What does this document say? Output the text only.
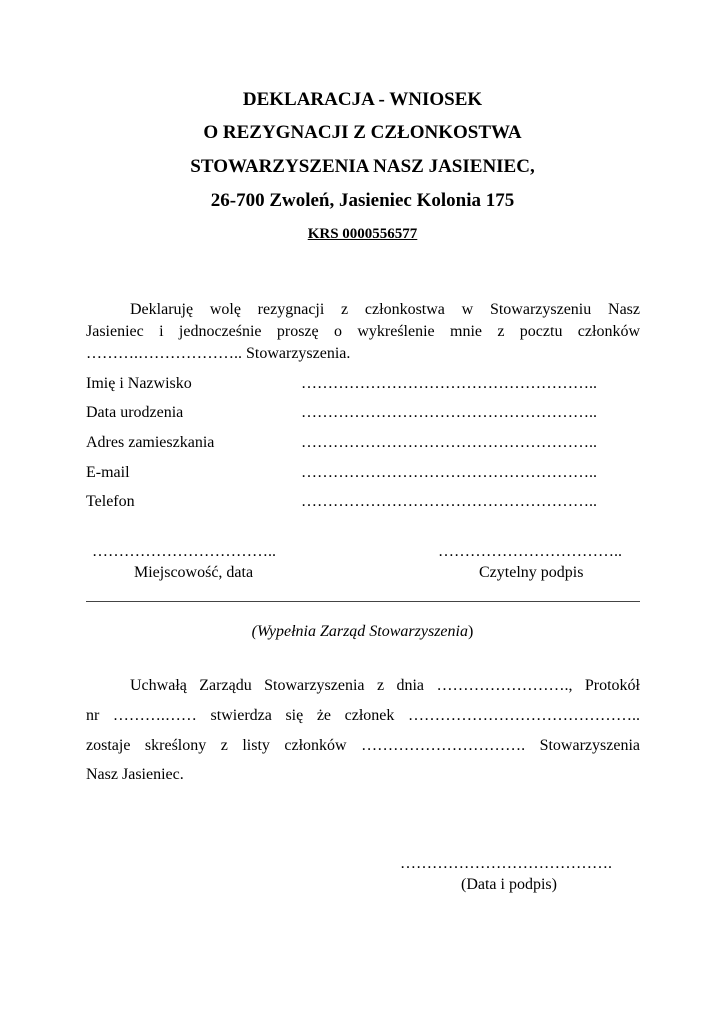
DEKLARACJA - WNIOSEK
O REZYGNACJI Z CZŁONKOSTWA
STOWARZYSZENIA NASZ JASIENIEC,
26-700 Zwoleń, Jasieniec Kolonia 175
KRS 0000556577
Deklaruję wolę rezygnacji z członkostwa w Stowarzyszeniu Nasz
Jasieniec i jednocześnie proszę o wykreślenie mnie z pocztu członków
……….……………….. Stowarzyszenia.
Imię i Nazwisko	………………………………………………..
Data urodzenia	………………………………………………..
Adres zamieszkania	………………………………………………..
E-mail	………………………………………………..
Telefon	………………………………………………..
……………………………..
Miejscowość, data
……………………………..
Czytelny podpis
(Wypełnia Zarząd Stowarzyszenia)
Uchwałą Zarządu Stowarzyszenia z dnia ……………………., Protokół
nr ……….…… stwierdza się że członek ……………………………………..
zostaje skreślony z listy członków …………………………. Stowarzyszenia
Nasz Jasieniec.
………………………………….
(Data i podpis)
